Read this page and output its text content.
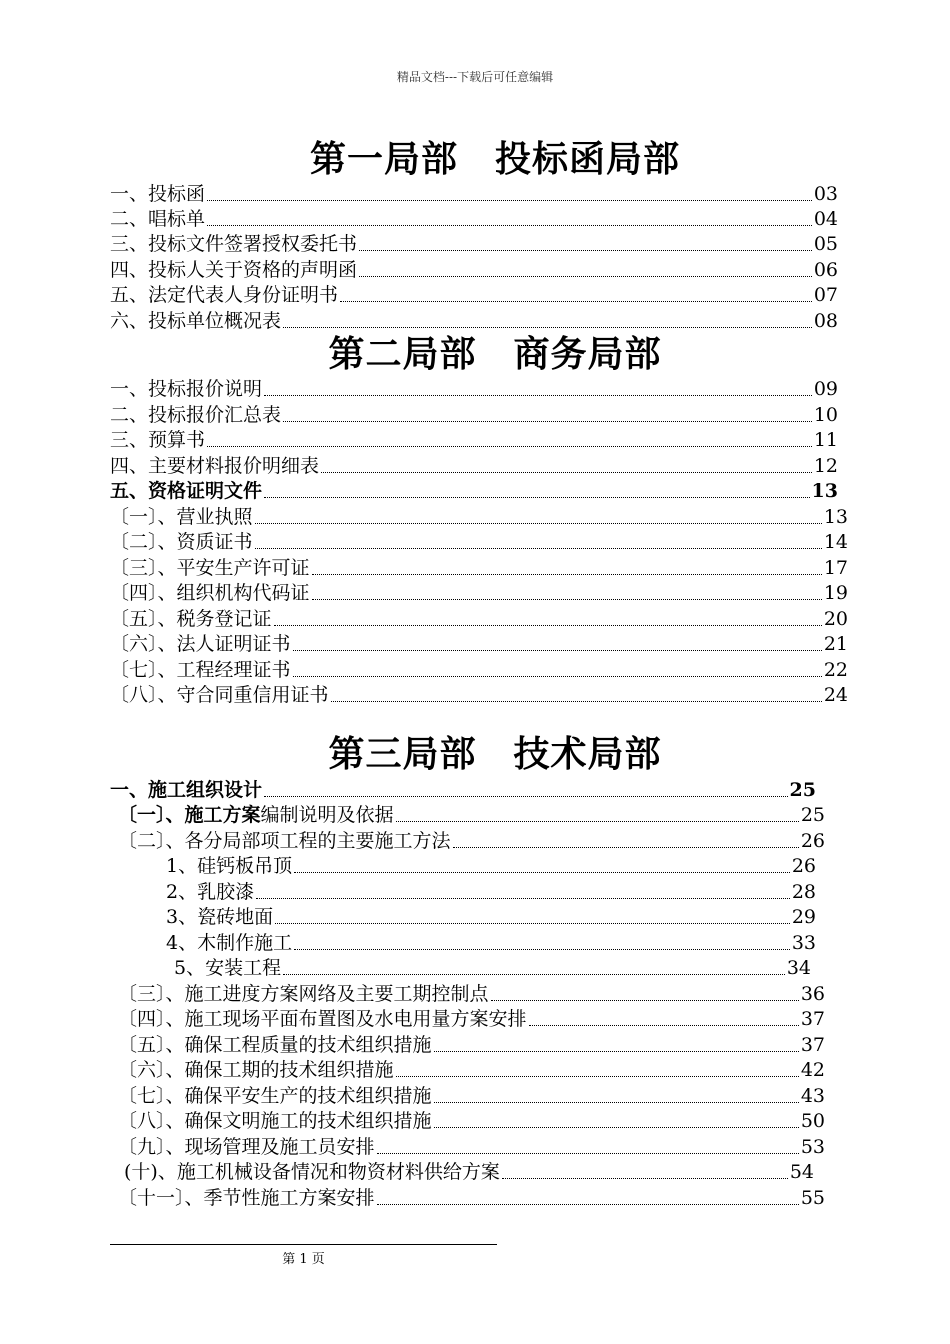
精品文档---下载后可任意编辑
第一局部　投标函局部
一、投标函	03
二、唱标单	04
三、投标文件签署授权委托书	05
四、投标人关于资格的声明函	06
五、法定代表人身份证明书	07
六、投标单位概况表	08
第二局部　商务局部
一、投标报价说明	09
二、投标报价汇总表	10
三、预算书	11
四、主要材料报价明细表	12
五、资格证明文件	13
〔一〕、营业执照	13
〔二〕、资质证书	14
〔三〕、平安生产许可证	17
〔四〕、组织机构代码证	19
〔五〕、税务登记证	20
〔六〕、法人证明证书	21
〔七〕、工程经理证书	22
〔八〕、守合同重信用证书	24
第三局部　技术局部
一、施工组织设计	25
〔一〕、施工方案 编制说明及依据	25
〔二〕、各分局部项工程的主要施工方法	26
1、硅钙板吊顶	26
2、乳胶漆	28
3、瓷砖地面	29
4、木制作施工	33
5、安装工程	34
〔三〕、施工进度方案网络及主要工期控制点	36
〔四〕、施工现场平面布置图及水电用量方案安排	37
〔五〕、确保工程质量的技术组织措施	37
〔六〕、确保工期的技术组织措施	42
〔七〕、确保平安生产的技术组织措施	43
〔八〕、确保文明施工的技术组织措施	50
〔九〕、现场管理及施工员安排	53
(十)、施工机械设备情况和物资材料供给方案	54
〔十一〕、季节性施工方案安排	55
第 1 页
